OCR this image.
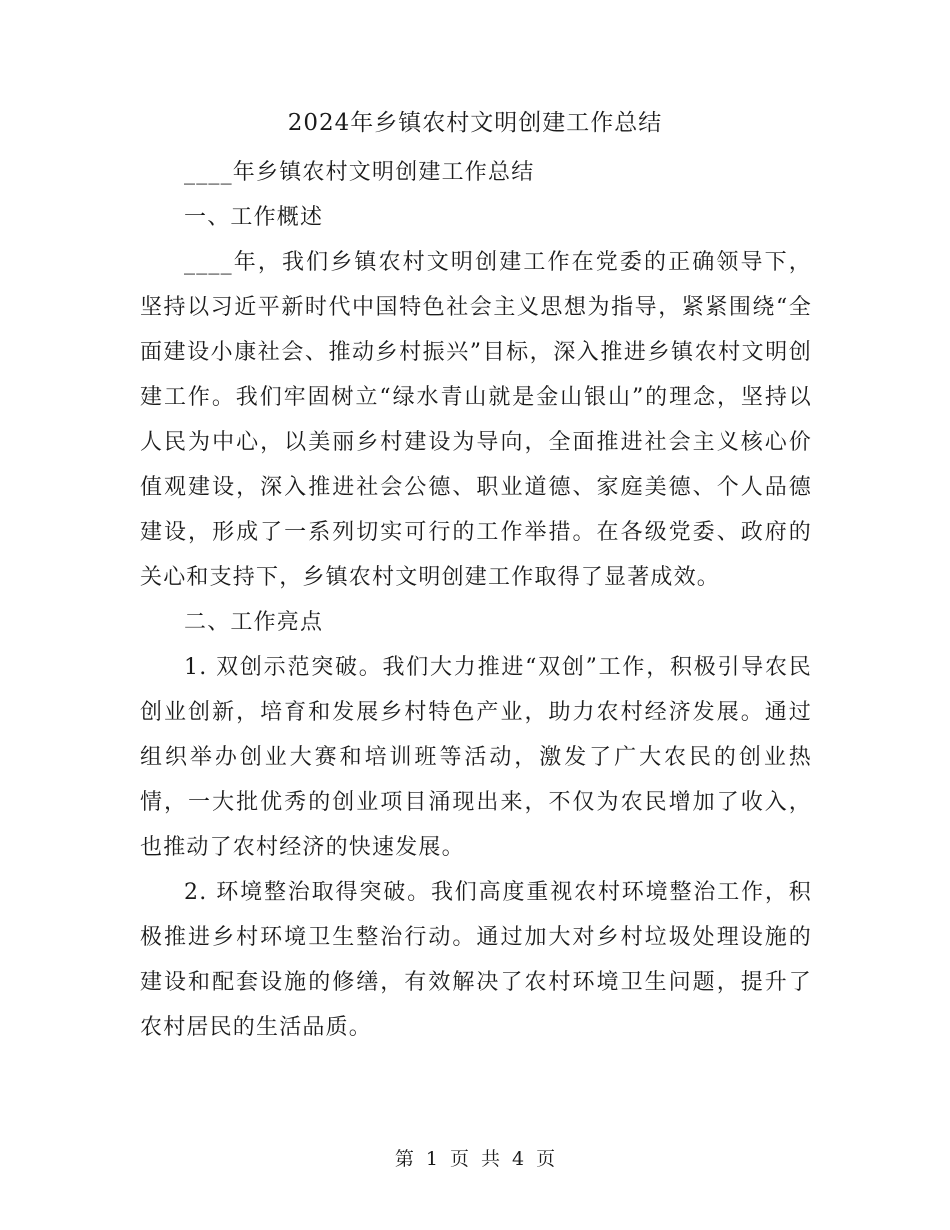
2024年乡镇农村文明创建工作总结

____年乡镇农村文明创建工作总结

一、工作概述

____年，我们乡镇农村文明创建工作在党委的正确领导下，坚持以习近平新时代中国特色社会主义思想为指导，紧紧围绕“全面建设小康社会、推动乡村振兴”目标，深入推进乡镇农村文明创建工作。我们牢固树立“绿水青山就是金山银山”的理念，坚持以人民为中心，以美丽乡村建设为导向，全面推进社会主义核心价值观建设，深入推进社会公德、职业道德、家庭美德、个人品德建设，形成了一系列切实可行的工作举措。在各级党委、政府的关心和支持下，乡镇农村文明创建工作取得了显著成效。

二、工作亮点

1. 双创示范突破。我们大力推进“双创”工作，积极引导农民创业创新，培育和发展乡村特色产业，助力农村经济发展。通过组织举办创业大赛和培训班等活动，激发了广大农民的创业热情，一大批优秀的创业项目涌现出来，不仅为农民增加了收入，也推动了农村经济的快速发展。

2. 环境整治取得突破。我们高度重视农村环境整治工作，积极推进乡村环境卫生整治行动。通过加大对乡村垃圾处理设施的建设和配套设施的修缮，有效解决了农村环境卫生问题，提升了农村居民的生活品质。

第 1 页 共 4 页
